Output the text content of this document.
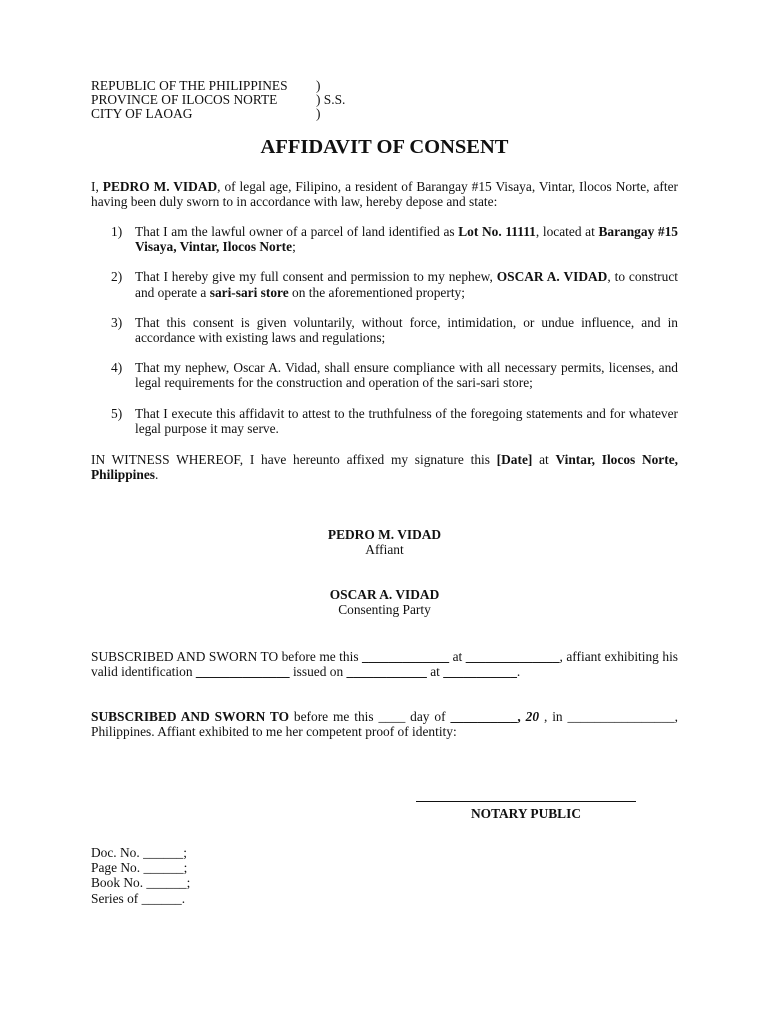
REPUBLIC OF THE PHILIPPINES )
PROVINCE OF ILOCOS NORTE	) S.S.
CITY OF LAOAG	)
AFFIDAVIT OF CONSENT
I, PEDRO M. VIDAD, of legal age, Filipino, a resident of Barangay #15 Visaya, Vintar, Ilocos Norte, after having been duly sworn to in accordance with law, hereby depose and state:
1) That I am the lawful owner of a parcel of land identified as Lot No. 11111, located at Barangay #15 Visaya, Vintar, Ilocos Norte;
2) That I hereby give my full consent and permission to my nephew, OSCAR A. VIDAD, to construct and operate a sari-sari store on the aforementioned property;
3) That this consent is given voluntarily, without force, intimidation, or undue influence, and in accordance with existing laws and regulations;
4) That my nephew, Oscar A. Vidad, shall ensure compliance with all necessary permits, licenses, and legal requirements for the construction and operation of the sari-sari store;
5) That I execute this affidavit to attest to the truthfulness of the foregoing statements and for whatever legal purpose it may serve.
IN WITNESS WHEREOF, I have hereunto affixed my signature this [Date] at Vintar, Ilocos Norte, Philippines.
PEDRO M. VIDAD
Affiant
OSCAR A. VIDAD
Consenting Party
SUBSCRIBED AND SWORN TO before me this _____________ at ______________, affiant exhibiting his valid identification ______________ issued on ____________ at ___________.
SUBSCRIBED AND SWORN TO before me this ____ day of __________, 20 , in ________________, Philippines. Affiant exhibited to me her competent proof of identity:
NOTARY PUBLIC
Doc. No. ______;
Page No. ______;
Book No. ______;
Series of ______.
